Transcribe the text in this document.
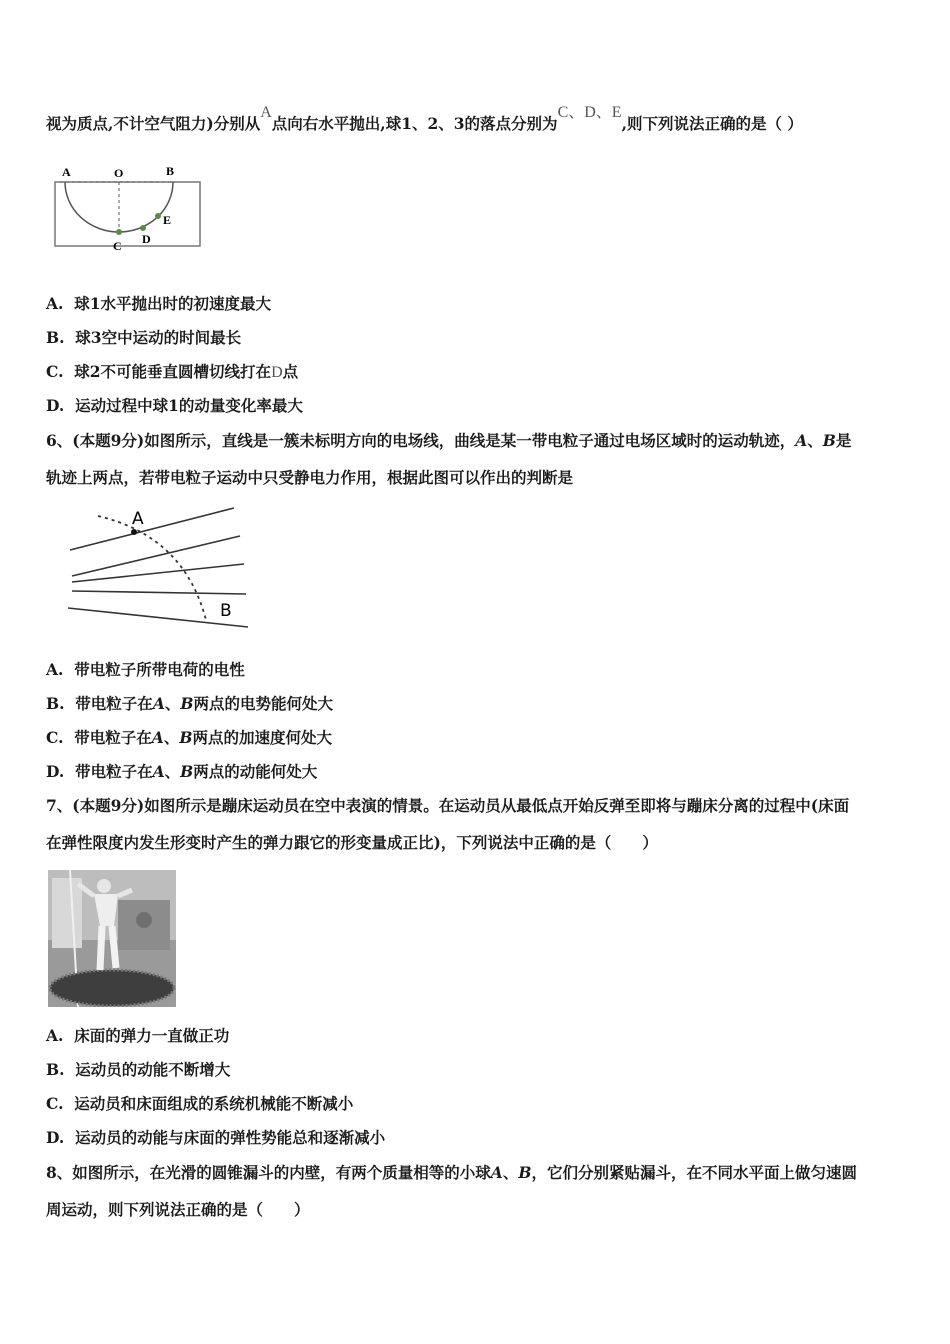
视为质点,不计空气阻力)分别从A点向右水平抛出,球1、2、3的落点分别为C、D、E,则下列说法正确的是（ ）
A	O	B
C D
E
A. 球1水平抛出时的初速度最大
B. 球3空中运动的时间最长
C. 球2不可能垂直圆槽切线打在D点
D. 运动过程中球1的动量变化率最大
6、(本题9分)如图所示，直线是一簇未标明方向的电场线，曲线是某一带电粒子通过电场区域时的运动轨迹，A、B是
轨迹上两点，若带电粒子运动中只受静电力作用，根据此图可以作出的判断是
A
B
A. 带电粒子所带电荷的电性
B. 带电粒子在A、B两点的电势能何处大
C. 带电粒子在A、B两点的加速度何处大
D. 带电粒子在A、B两点的动能何处大
7、(本题9分)如图所示是蹦床运动员在空中表演的情景。在运动员从最低点开始反弹至即将与蹦床分离的过程中(床面
在弹性限度内发生形变时产生的弹力跟它的形变量成正比)，下列说法中正确的是（　　）
A. 床面的弹力一直做正功
B. 运动员的动能不断增大
C. 运动员和床面组成的系统机械能不断减小
D. 运动员的动能与床面的弹性势能总和逐渐减小
8、如图所示，在光滑的圆锥漏斗的内壁，有两个质量相等的小球A、B，它们分别紧贴漏斗，在不同水平面上做匀速圆
周运动，则下列说法正确的是（　　）
